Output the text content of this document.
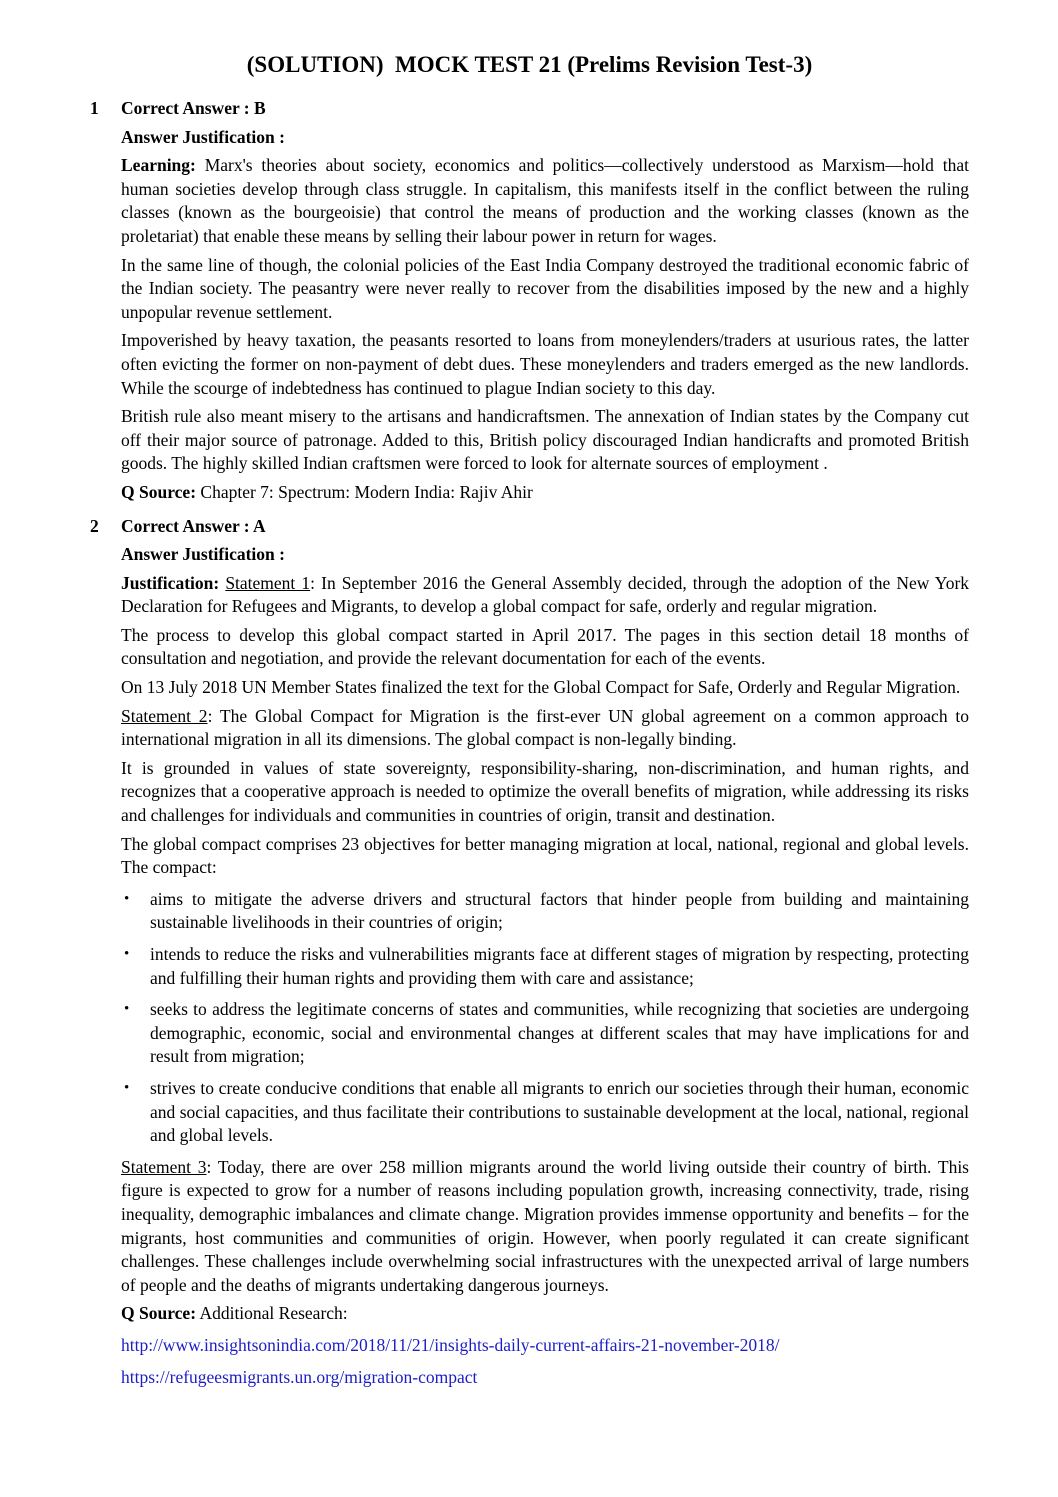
(SOLUTION)  MOCK TEST 21 (Prelims Revision Test-3)
1	Correct Answer : B
Answer Justification :
Learning: Marx's theories about society, economics and politics—collectively understood as Marxism—hold that human societies develop through class struggle. In capitalism, this manifests itself in the conflict between the ruling classes (known as the bourgeoisie) that control the means of production and the working classes (known as the proletariat) that enable these means by selling their labour power in return for wages.
In the same line of though, the colonial policies of the East India Company destroyed the traditional economic fabric of the Indian society. The peasantry were never really to recover from the disabilities imposed by the new and a highly unpopular revenue settlement.
Impoverished by heavy taxation, the peasants resorted to loans from moneylenders/traders at usurious rates, the latter often evicting the former on non-payment of debt dues. These moneylenders and traders emerged as the new landlords. While the scourge of indebtedness has continued to plague Indian society to this day.
British rule also meant misery to the artisans and handicraftsmen. The annexation of Indian states by the Company cut off their major source of patronage. Added to this, British policy discouraged Indian handicrafts and promoted British goods. The highly skilled Indian craftsmen were forced to look for alternate sources of employment .
Q Source: Chapter 7: Spectrum: Modern India: Rajiv Ahir
2	Correct Answer : A
Answer Justification :
Justification: Statement 1: In September 2016 the General Assembly decided, through the adoption of the New York Declaration for Refugees and Migrants, to develop a global compact for safe, orderly and regular migration.
The process to develop this global compact started in April 2017. The pages in this section detail 18 months of consultation and negotiation, and provide the relevant documentation for each of the events.
On 13 July 2018 UN Member States finalized the text for the Global Compact for Safe, Orderly and Regular Migration.
Statement 2: The Global Compact for Migration is the first-ever UN global agreement on a common approach to international migration in all its dimensions. The global compact is non-legally binding.
It is grounded in values of state sovereignty, responsibility-sharing, non-discrimination, and human rights, and recognizes that a cooperative approach is needed to optimize the overall benefits of migration, while addressing its risks and challenges for individuals and communities in countries of origin, transit and destination.
The global compact comprises 23 objectives for better managing migration at local, national, regional and global levels. The compact:
•	aims to mitigate the adverse drivers and structural factors that hinder people from building and maintaining sustainable livelihoods in their countries of origin;
•	intends to reduce the risks and vulnerabilities migrants face at different stages of migration by respecting, protecting and fulfilling their human rights and providing them with care and assistance;
•	seeks to address the legitimate concerns of states and communities, while recognizing that societies are undergoing demographic, economic, social and environmental changes at different scales that may have implications for and result from migration;
•	strives to create conducive conditions that enable all migrants to enrich our societies through their human, economic and social capacities, and thus facilitate their contributions to sustainable development at the local, national, regional and global levels.
Statement 3: Today, there are over 258 million migrants around the world living outside their country of birth. This figure is expected to grow for a number of reasons including population growth, increasing connectivity, trade, rising inequality, demographic imbalances and climate change. Migration provides immense opportunity and benefits – for the migrants, host communities and communities of origin. However, when poorly regulated it can create significant challenges. These challenges include overwhelming social infrastructures with the unexpected arrival of large numbers of people and the deaths of migrants undertaking dangerous journeys.
Q Source: Additional Research:
http://www.insightsonindia.com/2018/11/21/insights-daily-current-affairs-21-november-2018/
https://refugeesmigrants.un.org/migration-compact
